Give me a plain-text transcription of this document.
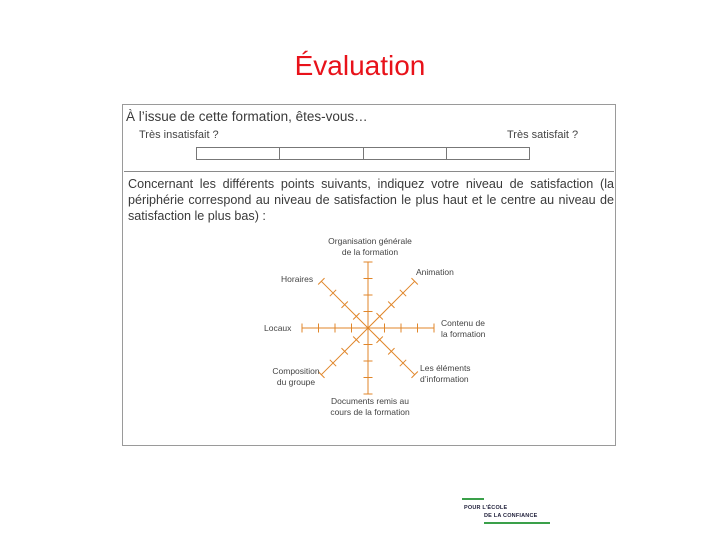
Évaluation
À l’issue de cette formation, êtes-vous…
Très insatisfait ?	Très satisfait ?
Concernant les différents points suivants, indiquez votre niveau de satisfaction (la périphérie correspond au niveau de satisfaction le plus haut et le centre au niveau de satisfaction le plus bas) :
Organisation générale
de la formation
Animation
Contenu de
la formation
Les éléments
d’information
Documents remis au
cours de la formation
Composition
du groupe
Locaux
Horaires
POUR L’ÉCOLE
DE LA CONFIANCE
